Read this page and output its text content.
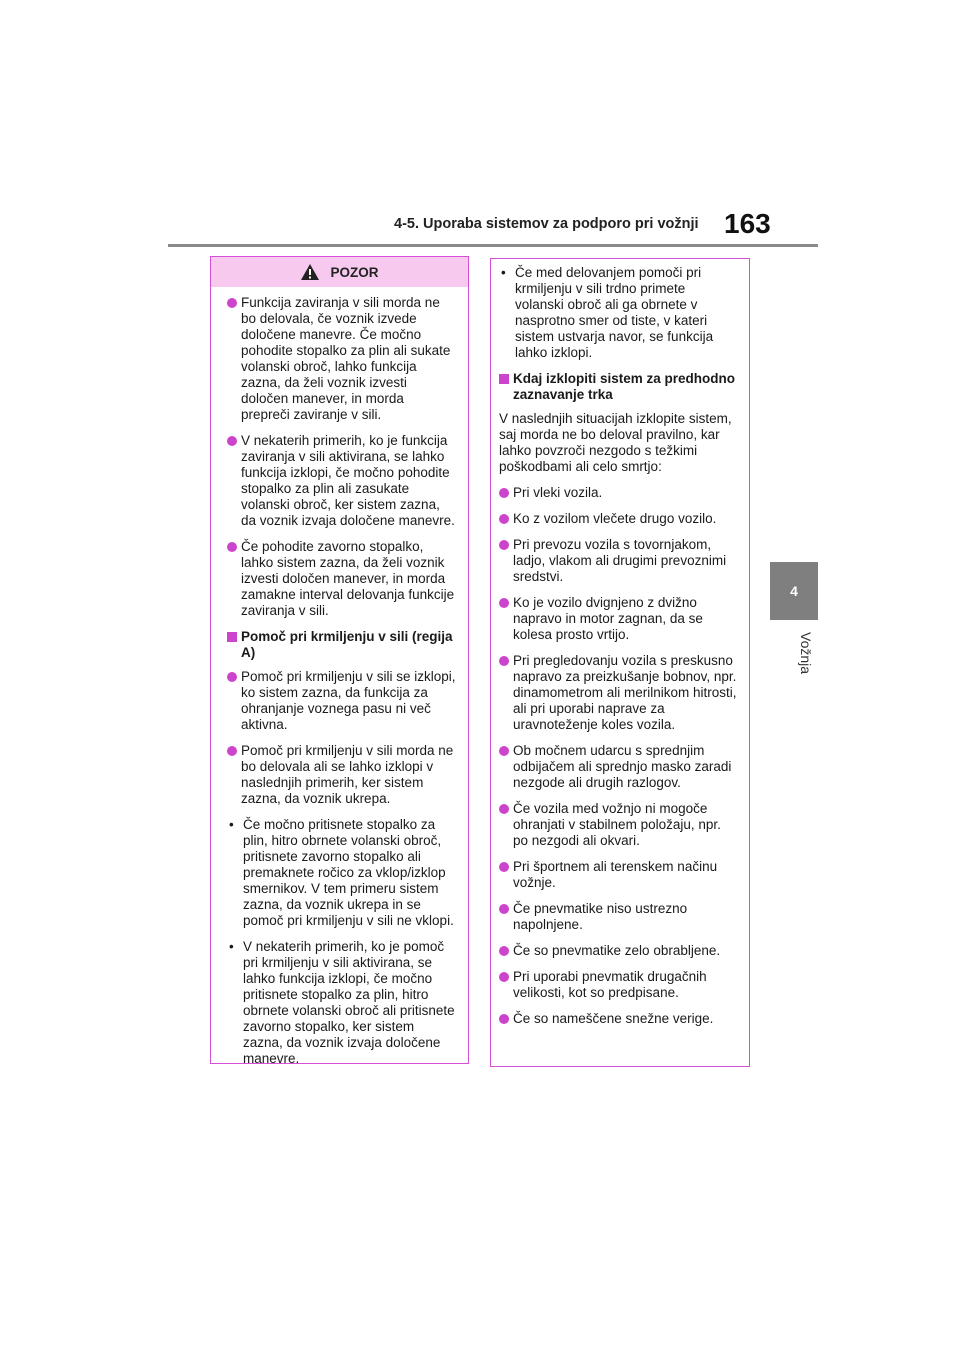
4-5. Uporaba sistemov za podporo pri vožnji 163
4
Vožnja
POZOR
Funkcija zaviranja v sili morda ne bo delovala, če voznik izvede določene manevre. Če močno pohodite stopalko za plin ali sukate volanski obroč, lahko funkcija zazna, da želi voznik izvesti določen manever, in morda prepreči zaviranje v sili.
V nekaterih primerih, ko je funkcija zaviranja v sili aktivirana, se lahko funkcija izklopi, če močno pohodite stopalko za plin ali zasukate volanski obroč, ker sistem zazna, da voznik izvaja določene manevre.
Če pohodite zavorno stopalko, lahko sistem zazna, da želi voznik izvesti določen manever, in morda zamakne interval delovanja funkcije zaviranja v sili.
Pomoč pri krmiljenju v sili (regija A)
Pomoč pri krmiljenju v sili se izklopi, ko sistem zazna, da funkcija za ohranjanje voznega pasu ni več aktivna.
Pomoč pri krmiljenju v sili morda ne bo delovala ali se lahko izklopi v naslednjih primerih, ker sistem zazna, da voznik ukrepa.
• Če močno pritisnete stopalko za plin, hitro obrnete volanski obroč, pritisnete zavorno stopalko ali premaknete ročico za vklop/izklop smernikov. V tem primeru sistem zazna, da voznik ukrepa in se pomoč pri krmiljenju v sili ne vklopi.
• V nekaterih primerih, ko je pomoč pri krmiljenju v sili aktivirana, se lahko funkcija izklopi, če močno pritisnete stopalko za plin, hitro obrnete volanski obroč ali pritisnete zavorno stopalko, ker sistem zazna, da voznik izvaja določene manevre.
• Če med delovanjem pomoči pri krmiljenju v sili trdno primete volanski obroč ali ga obrnete v nasprotno smer od tiste, v kateri sistem ustvarja navor, se funkcija lahko izklopi.
Kdaj izklopiti sistem za predhodno zaznavanje trka
V naslednjih situacijah izklopite sistem, saj morda ne bo deloval pravilno, kar lahko povzroči nezgodo s težkimi poškodbami ali celo smrtjo:
Pri vleki vozila.
Ko z vozilom vlečete drugo vozilo.
Pri prevozu vozila s tovornjakom, ladjo, vlakom ali drugimi prevoznimi sredstvi.
Ko je vozilo dvignjeno z dvižno napravo in motor zagnan, da se kolesa prosto vrtijo.
Pri pregledovanju vozila s preskusno napravo za preizkušanje bobnov, npr. dinamometrom ali merilnikom hitrosti, ali pri uporabi naprave za uravnoteženje koles vozila.
Ob močnem udarcu s sprednjim odbijačem ali sprednjo masko zaradi nezgode ali drugih razlogov.
Če vozila med vožnjo ni mogoče ohranjati v stabilnem položaju, npr. po nezgodi ali okvari.
Pri športnem ali terenskem načinu vožnje.
Če pnevmatike niso ustrezno napolnjene.
Če so pnevmatike zelo obrabljene.
Pri uporabi pnevmatik drugačnih velikosti, kot so predpisane.
Če so nameščene snežne verige.
